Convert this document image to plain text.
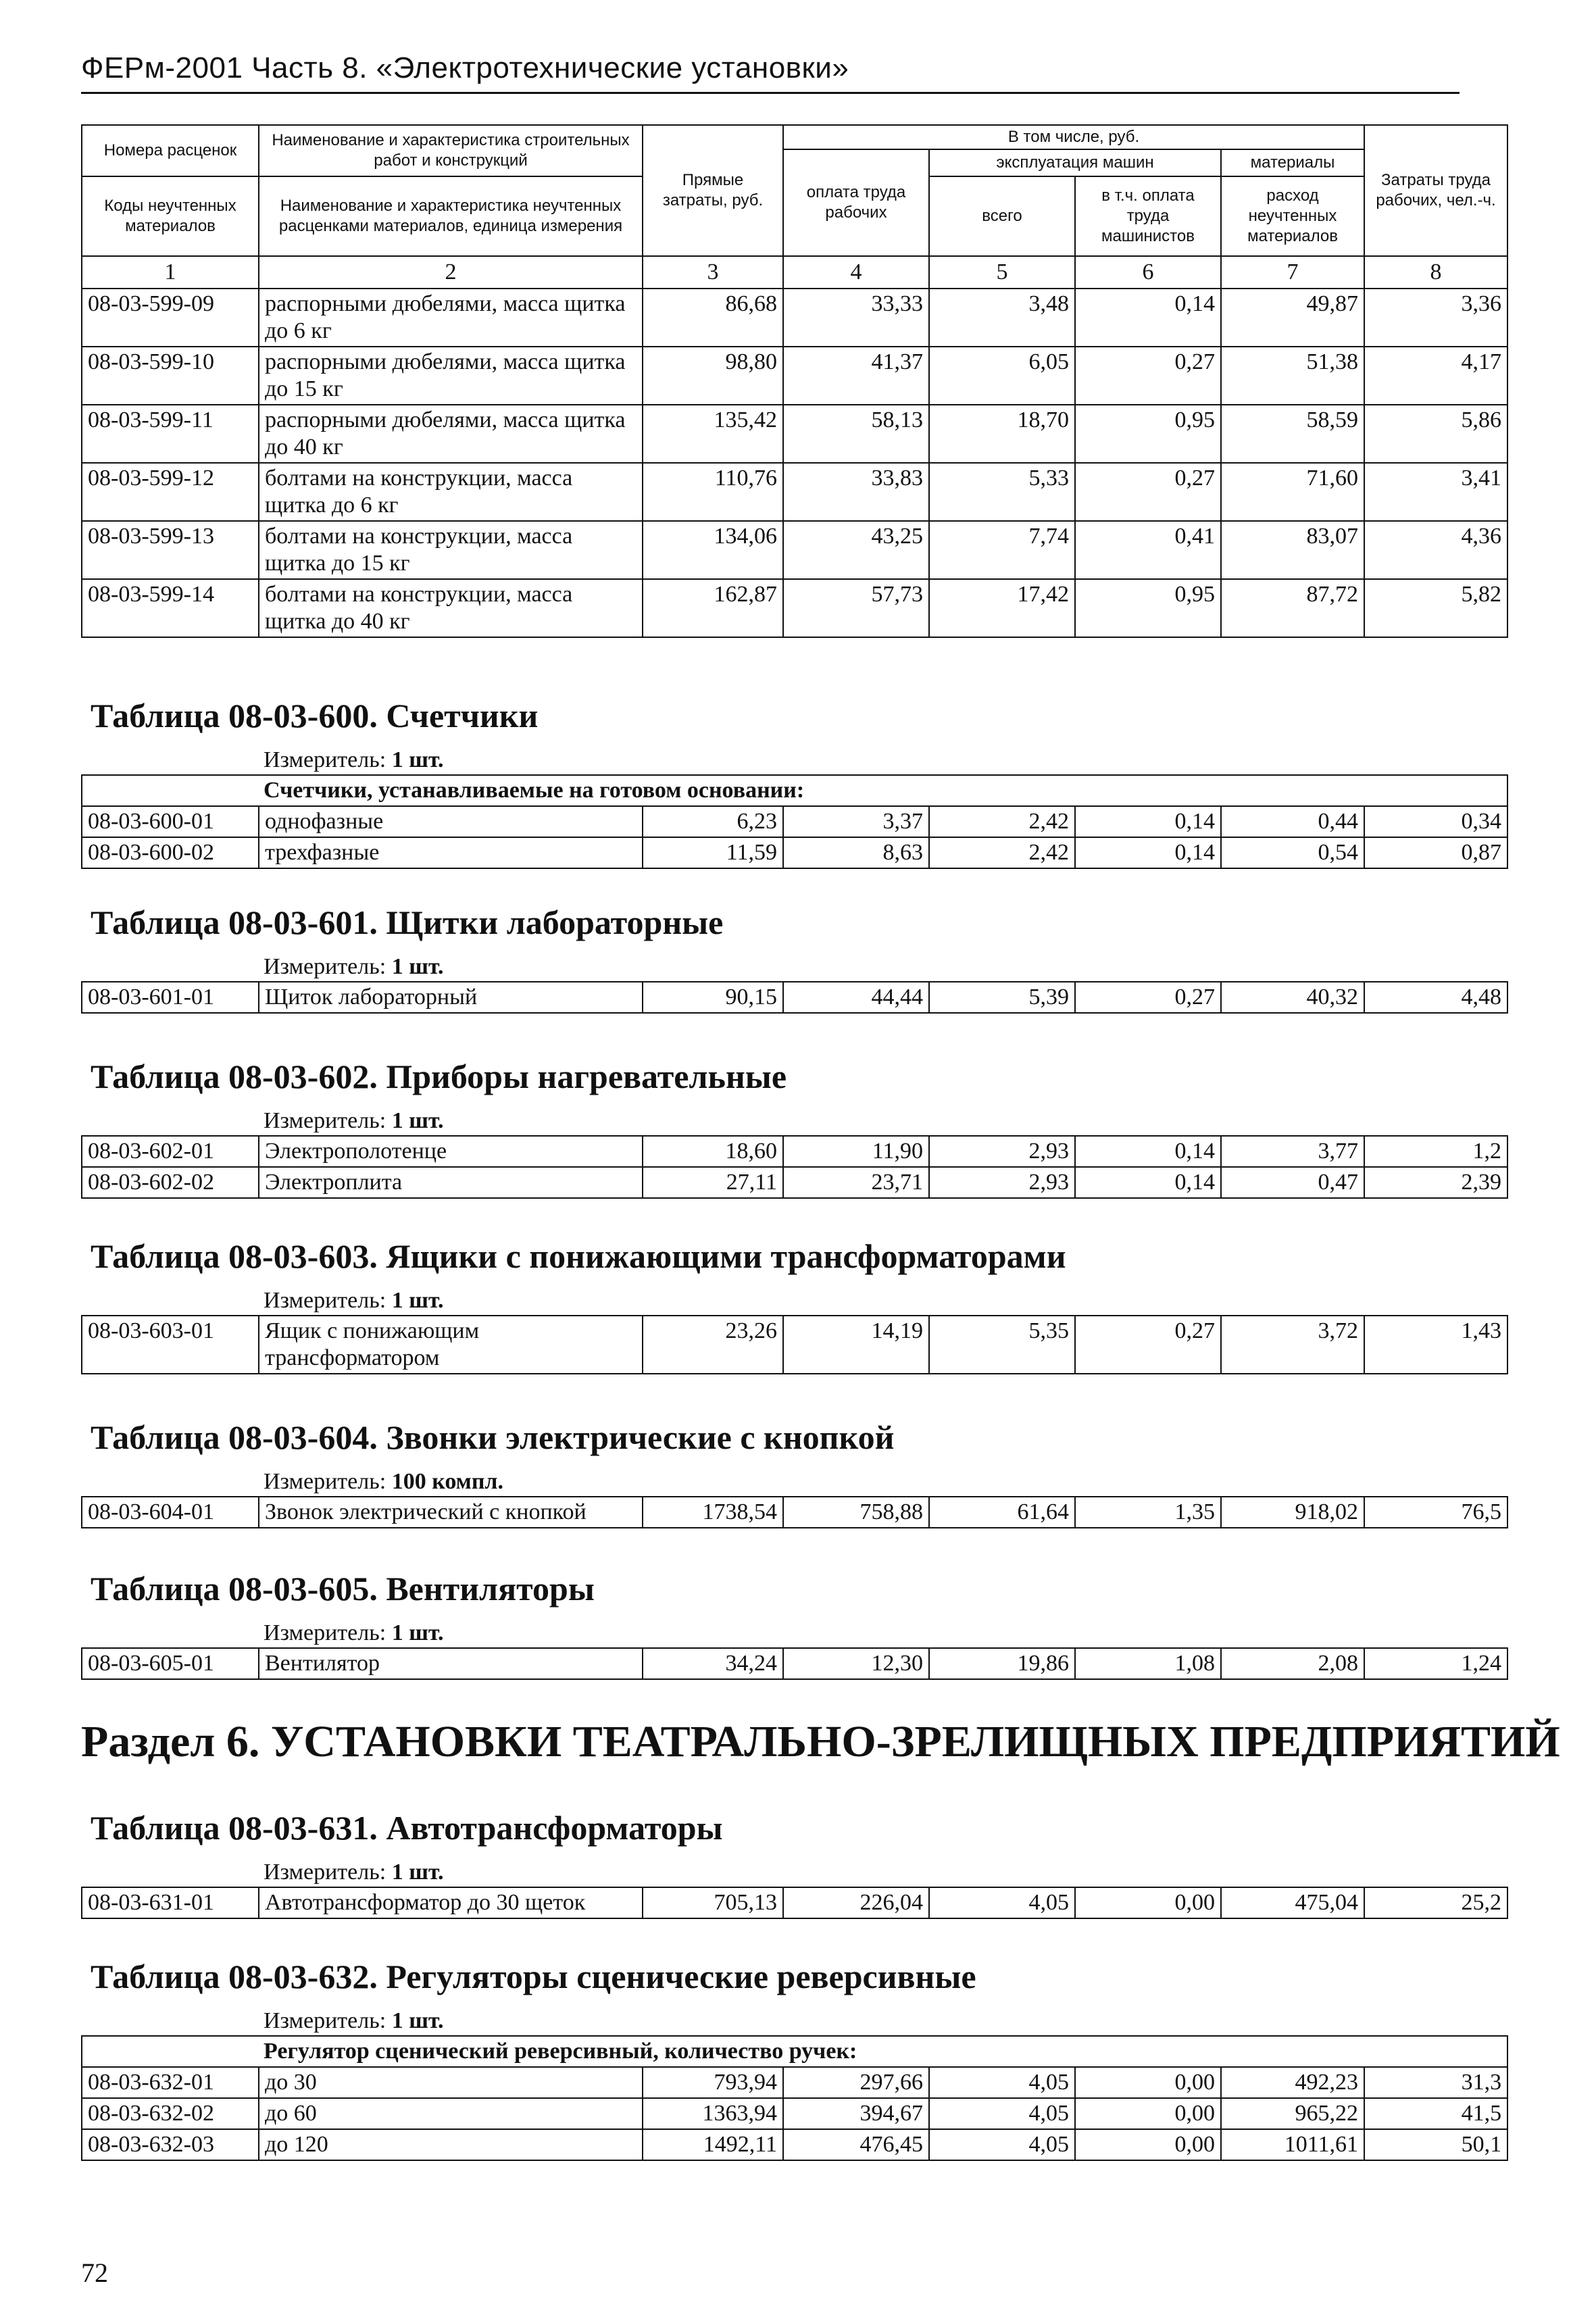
ФЕРм-2001 Часть 8. «Электротехнические установки»
Номера расценок	Наименование и характеристика строительных работ и конструкций	Прямые затраты, руб.	В том числе, руб.				Затраты труда рабочих, чел.-ч.
			оплата труда рабочих	эксплуатация машин		материалы	
Коды неучтенных материалов	Наименование и характеристика неучтенных расценками материалов, единица измерения			всего	в т.ч. оплата труда машинистов	расход неучтенных материалов	

1	2	3	4	5	6	7	8
08-03-599-09	распорными дюбелями, масса щитка до 6 кг	86,68	33,33	3,48	0,14	49,87	3,36
08-03-599-10	распорными дюбелями, масса щитка до 15 кг	98,80	41,37	6,05	0,27	51,38	4,17
08-03-599-11	распорными дюбелями, масса щитка до 40 кг	135,42	58,13	18,70	0,95	58,59	5,86
08-03-599-12	болтами на конструкции, масса щитка до 6 кг	110,76	33,83	5,33	0,27	71,60	3,41
08-03-599-13	болтами на конструкции, масса щитка до 15 кг	134,06	43,25	7,74	0,41	83,07	4,36
08-03-599-14	болтами на конструкции, масса щитка до 40 кг	162,87	57,73	17,42	0,95	87,72	5,82
Таблица 08-03-600. Счетчики
Измеритель: 1 шт.
Счетчики, устанавливаемые на готовом основании:							
08-03-600-01	однофазные	6,23	3,37	2,42	0,14	0,44	0,34
08-03-600-02	трехфазные	11,59	8,63	2,42	0,14	0,54	0,87
Таблица 08-03-601. Щитки лабораторные
Измеритель: 1 шт.
08-03-601-01	Щиток лабораторный	90,15	44,44	5,39	0,27	40,32	4,48
Таблица 08-03-602. Приборы нагревательные
Измеритель: 1 шт.
08-03-602-01	Электрополотенце	18,60	11,90	2,93	0,14	3,77	1,2
08-03-602-02	Электроплита	27,11	23,71	2,93	0,14	0,47	2,39
Таблица 08-03-603. Ящики с понижающими трансформаторами
Измеритель: 1 шт.
08-03-603-01	Ящик с понижающим трансформатором	23,26	14,19	5,35	0,27	3,72	1,43
Таблица 08-03-604. Звонки электрические с кнопкой
Измеритель: 100 компл.
08-03-604-01	Звонок электрический с кнопкой	1738,54	758,88	61,64	1,35	918,02	76,5
Таблица 08-03-605. Вентиляторы
Измеритель: 1 шт.
08-03-605-01	Вентилятор	34,24	12,30	19,86	1,08	2,08	1,24
Раздел 6. УСТАНОВКИ ТЕАТРАЛЬНО-ЗРЕЛИЩНЫХ ПРЕДПРИЯТИЙ
Таблица 08-03-631. Автотрансформаторы
Измеритель: 1 шт.
08-03-631-01	Автотрансформатор до 30 щеток	705,13	226,04	4,05	0,00	475,04	25,2
Таблица 08-03-632. Регуляторы сценические реверсивные
Измеритель: 1 шт.
Регулятор сценический реверсивный, количество ручек:							
08-03-632-01	до 30	793,94	297,66	4,05	0,00	492,23	31,3
08-03-632-02	до 60	1363,94	394,67	4,05	0,00	965,22	41,5
08-03-632-03	до 120	1492,11	476,45	4,05	0,00	1011,61	50,1
72
